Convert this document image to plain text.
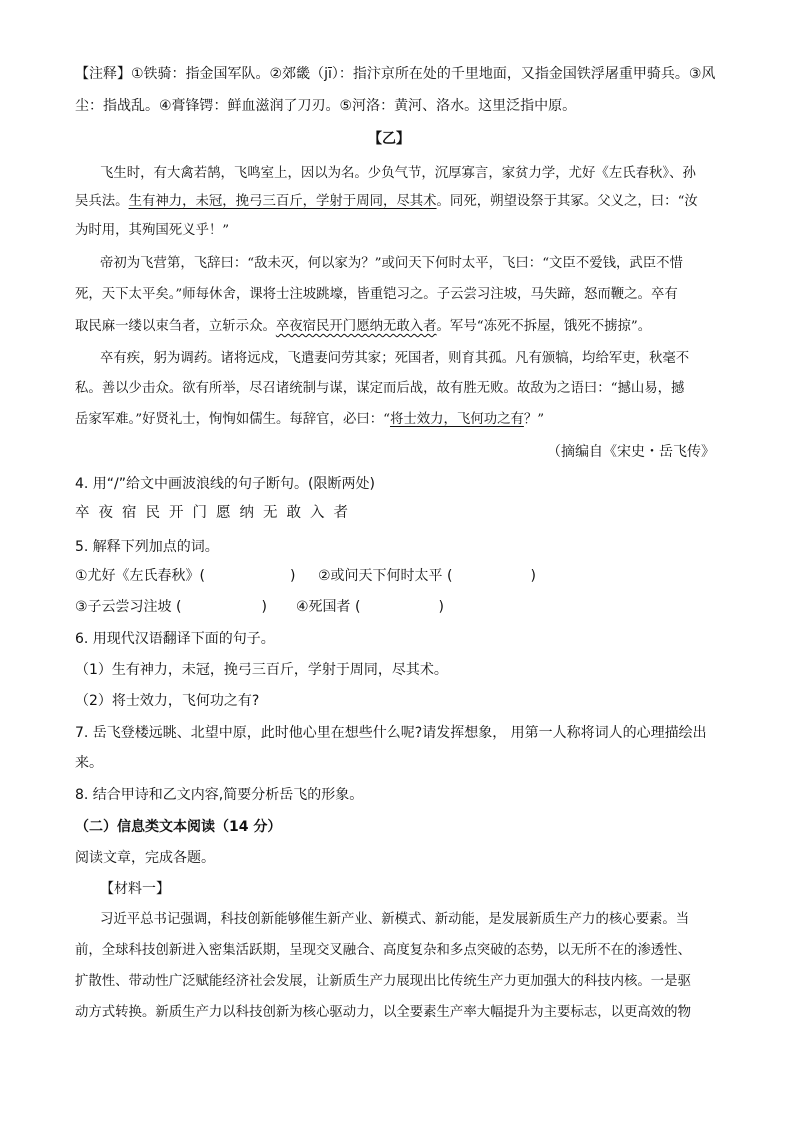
【注释】①铁骑：指金国军队。②郊畿（jī）：指汴京所在处的千里地面，又指金国铁浮屠重甲骑兵。③风
尘：指战乱。④膏锋锷：鲜血滋润了刀刃。⑤河洛：黄河、洛水。这里泛指中原。
【乙】
飞生时，有大禽若鹄，飞鸣室上，因以为名。少负气节，沉厚寡言，家贫力学，尤好《左氏春秋》、孙
吴兵法。生有神力，未冠，挽弓三百斤，学射于周同，尽其术。同死，朔望设祭于其冢。父义之，曰：“汝
为时用，其殉国死义乎！”
帝初为飞营第，飞辞曰：“敌未灭，何以家为？”或问天下何时太平，飞曰：“文臣不爱钱，武臣不惜
死，天下太平矣。”师每休舍，课将士注坡跳壕，皆重铠习之。子云尝习注坡，马失蹄，怒而鞭之。卒有
取民麻一缕以束刍者，立斩示众。卒夜宿民开门愿纳无敢入者。军号“冻死不拆屋，饿死不掳掠”。
卒有疾，躬为调药。诸将远戍，飞遣妻问劳其家；死国者，则育其孤。凡有颁犒，均给军吏，秋毫不
私。善以少击众。欲有所举，尽召诸统制与谋，谋定而后战，故有胜无败。故敌为之语曰：“撼山易，撼
岳家军难。”好贤礼士，恂恂如儒生。每辞官，必曰：“将士效力，飞何功之有？”
（摘编自《宋史・岳飞传》
4. 用“/”给文中画波浪线的句子断句。(限断两处)
卒夜宿民开门愿纳无敢入者
5. 解释下列加点的词。
①尤好《左氏春秋》(	) ②或问天下何时太平 (	)
③子云尝习注坡 (	) ④死国者 (	)
6. 用现代汉语翻译下面的句子。
（1）生有神力，未冠，挽弓三百斤，学射于周同，尽其术。
（2）将士效力，飞何功之有?
7. 岳飞登楼远眺、北望中原，此时他心里在想些什么呢?请发挥想象， 用第一人称将词人的心理描绘出
来。
8. 结合甲诗和乙文内容,简要分析岳飞的形象。
（二）信息类文本阅读（14 分）
阅读文章，完成各题。
【材料一】
习近平总书记强调，科技创新能够催生新产业、新模式、新动能，是发展新质生产力的核心要素。当
前，全球科技创新进入密集活跃期，呈现交叉融合、高度复杂和多点突破的态势，以无所不在的渗透性、
扩散性、带动性广泛赋能经济社会发展，让新质生产力展现出比传统生产力更加强大的科技内核。一是驱
动方式转换。新质生产力以科技创新为核心驱动力，以全要素生产率大幅提升为主要标志，以更高效的物
